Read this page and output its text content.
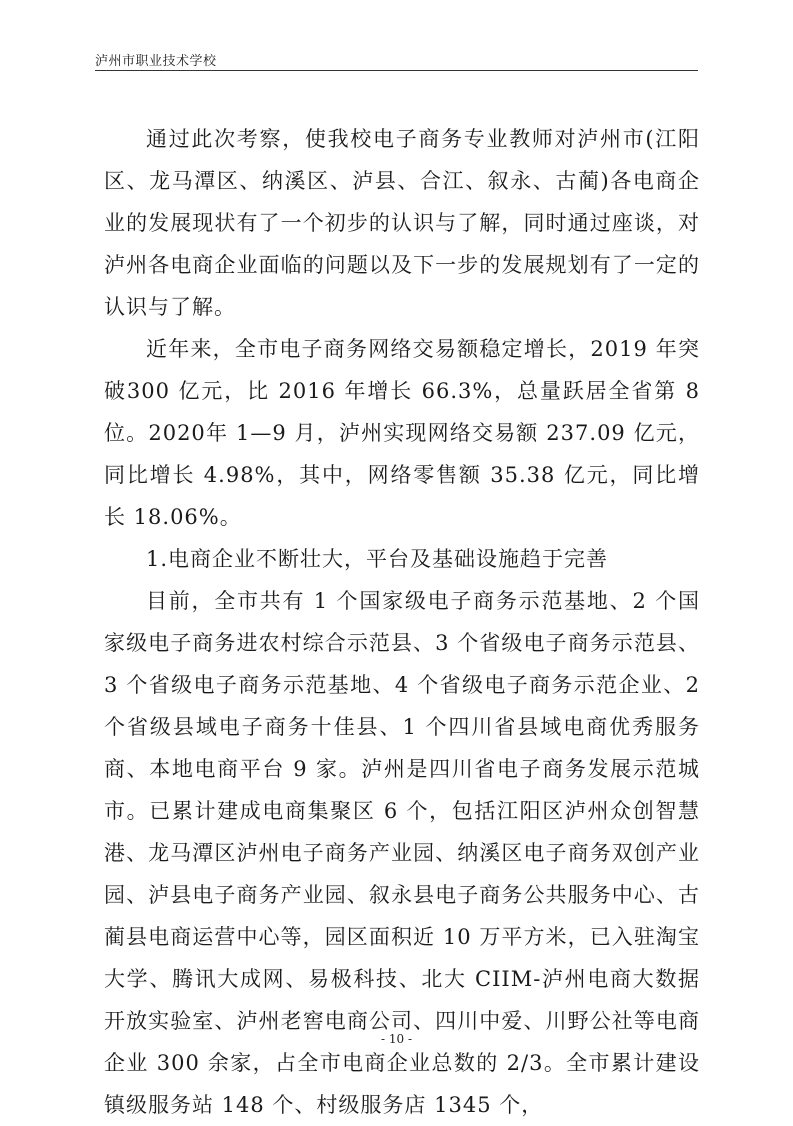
泸州市职业技术学校

通过此次考察，使我校电子商务专业教师对泸州市(江阳区、龙马潭区、纳溪区、泸县、合江、叙永、古蔺)各电商企业的发展现状有了一个初步的认识与了解，同时通过座谈，对泸州各电商企业面临的问题以及下一步的发展规划有了一定的认识与了解。

近年来，全市电子商务网络交易额稳定增长，2019 年突破300 亿元，比 2016 年增长 66.3%，总量跃居全省第 8 位。2020年 1—9 月，泸州实现网络交易额 237.09 亿元，同比增长 4.98%，其中，网络零售额 35.38 亿元，同比增长 18.06%。

1.电商企业不断壮大，平台及基础设施趋于完善

目前，全市共有 1 个国家级电子商务示范基地、2 个国家级电子商务进农村综合示范县、3 个省级电子商务示范县、3 个省级电子商务示范基地、4 个省级电子商务示范企业、2 个省级县域电子商务十佳县、1 个四川省县域电商优秀服务商、本地电商平台 9 家。泸州是四川省电子商务发展示范城市。已累计建成电商集聚区 6 个，包括江阳区泸州众创智慧港、龙马潭区泸州电子商务产业园、纳溪区电子商务双创产业园、泸县电子商务产业园、叙永县电子商务公共服务中心、古蔺县电商运营中心等，园区面积近 10 万平方米，已入驻淘宝大学、腾讯大成网、易极科技、北大 CIIM-泸州电商大数据开放实验室、泸州老窖电商公司、四川中爱、川野公社等电商企业 300 余家，占全市电商企业总数的 2/3。全市累计建设镇级服务站 148 个、村级服务店 1345 个，

- 10 -
